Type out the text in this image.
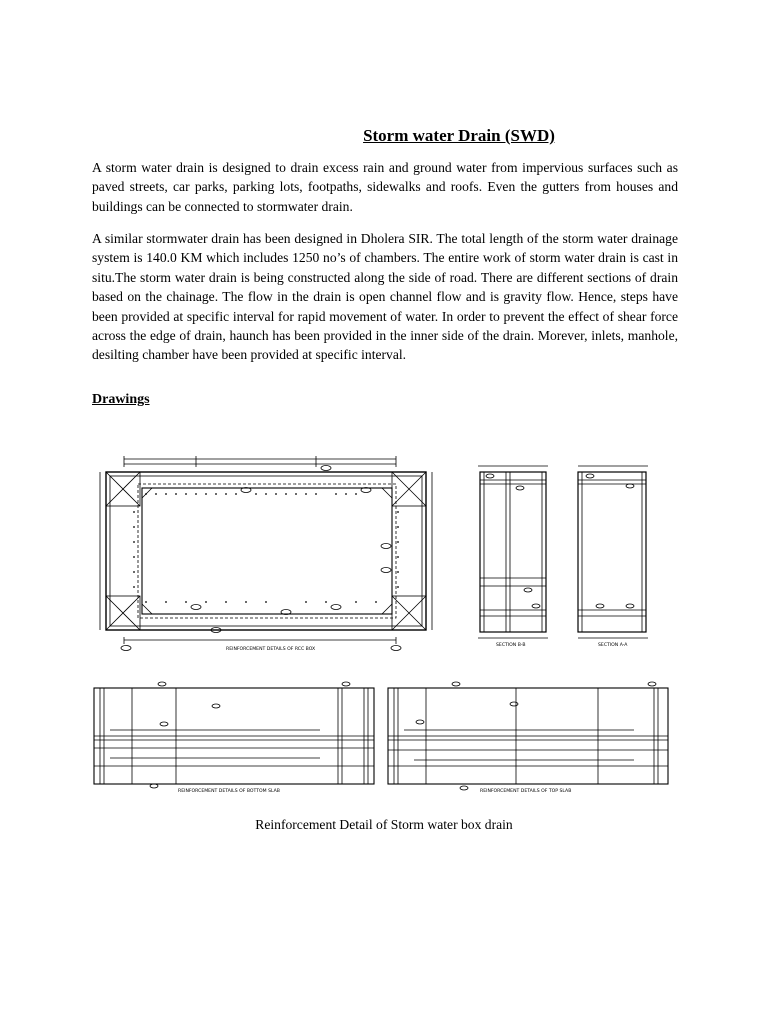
Storm water Drain (SWD)

A storm water drain is designed to drain excess rain and ground water from impervious surfaces such as paved streets, car parks, parking lots, footpaths, sidewalks and roofs. Even the gutters from houses and buildings can be connected to stormwater drain.

A similar stormwater drain has been designed in Dholera SIR. The total length of the storm water drainage system is 140.0 KM which includes 1250 no’s of chambers. The entire work of storm water drain is cast in situ.The storm water drain is being constructed along the side of road. There are different sections of drain based on the chainage. The flow in the drain is open channel flow and is gravity flow. Hence, steps have been provided at specific interval for rapid movement of water. In order to prevent the effect of shear force across the edge of drain, haunch has been provided in the inner side of the drain. Morever, inlets, manhole, desilting chamber have been provided at specific interval.

Drawings
REINFORCEMENT DETAILS OF RCC BOX
SECTION B-B	SECTION A-A
REINFORCEMENT DETAILS OF BOTTOM SLAB	REINFORCEMENT DETAILS OF TOP SLAB
Reinforcement Detail of Storm water box drain
